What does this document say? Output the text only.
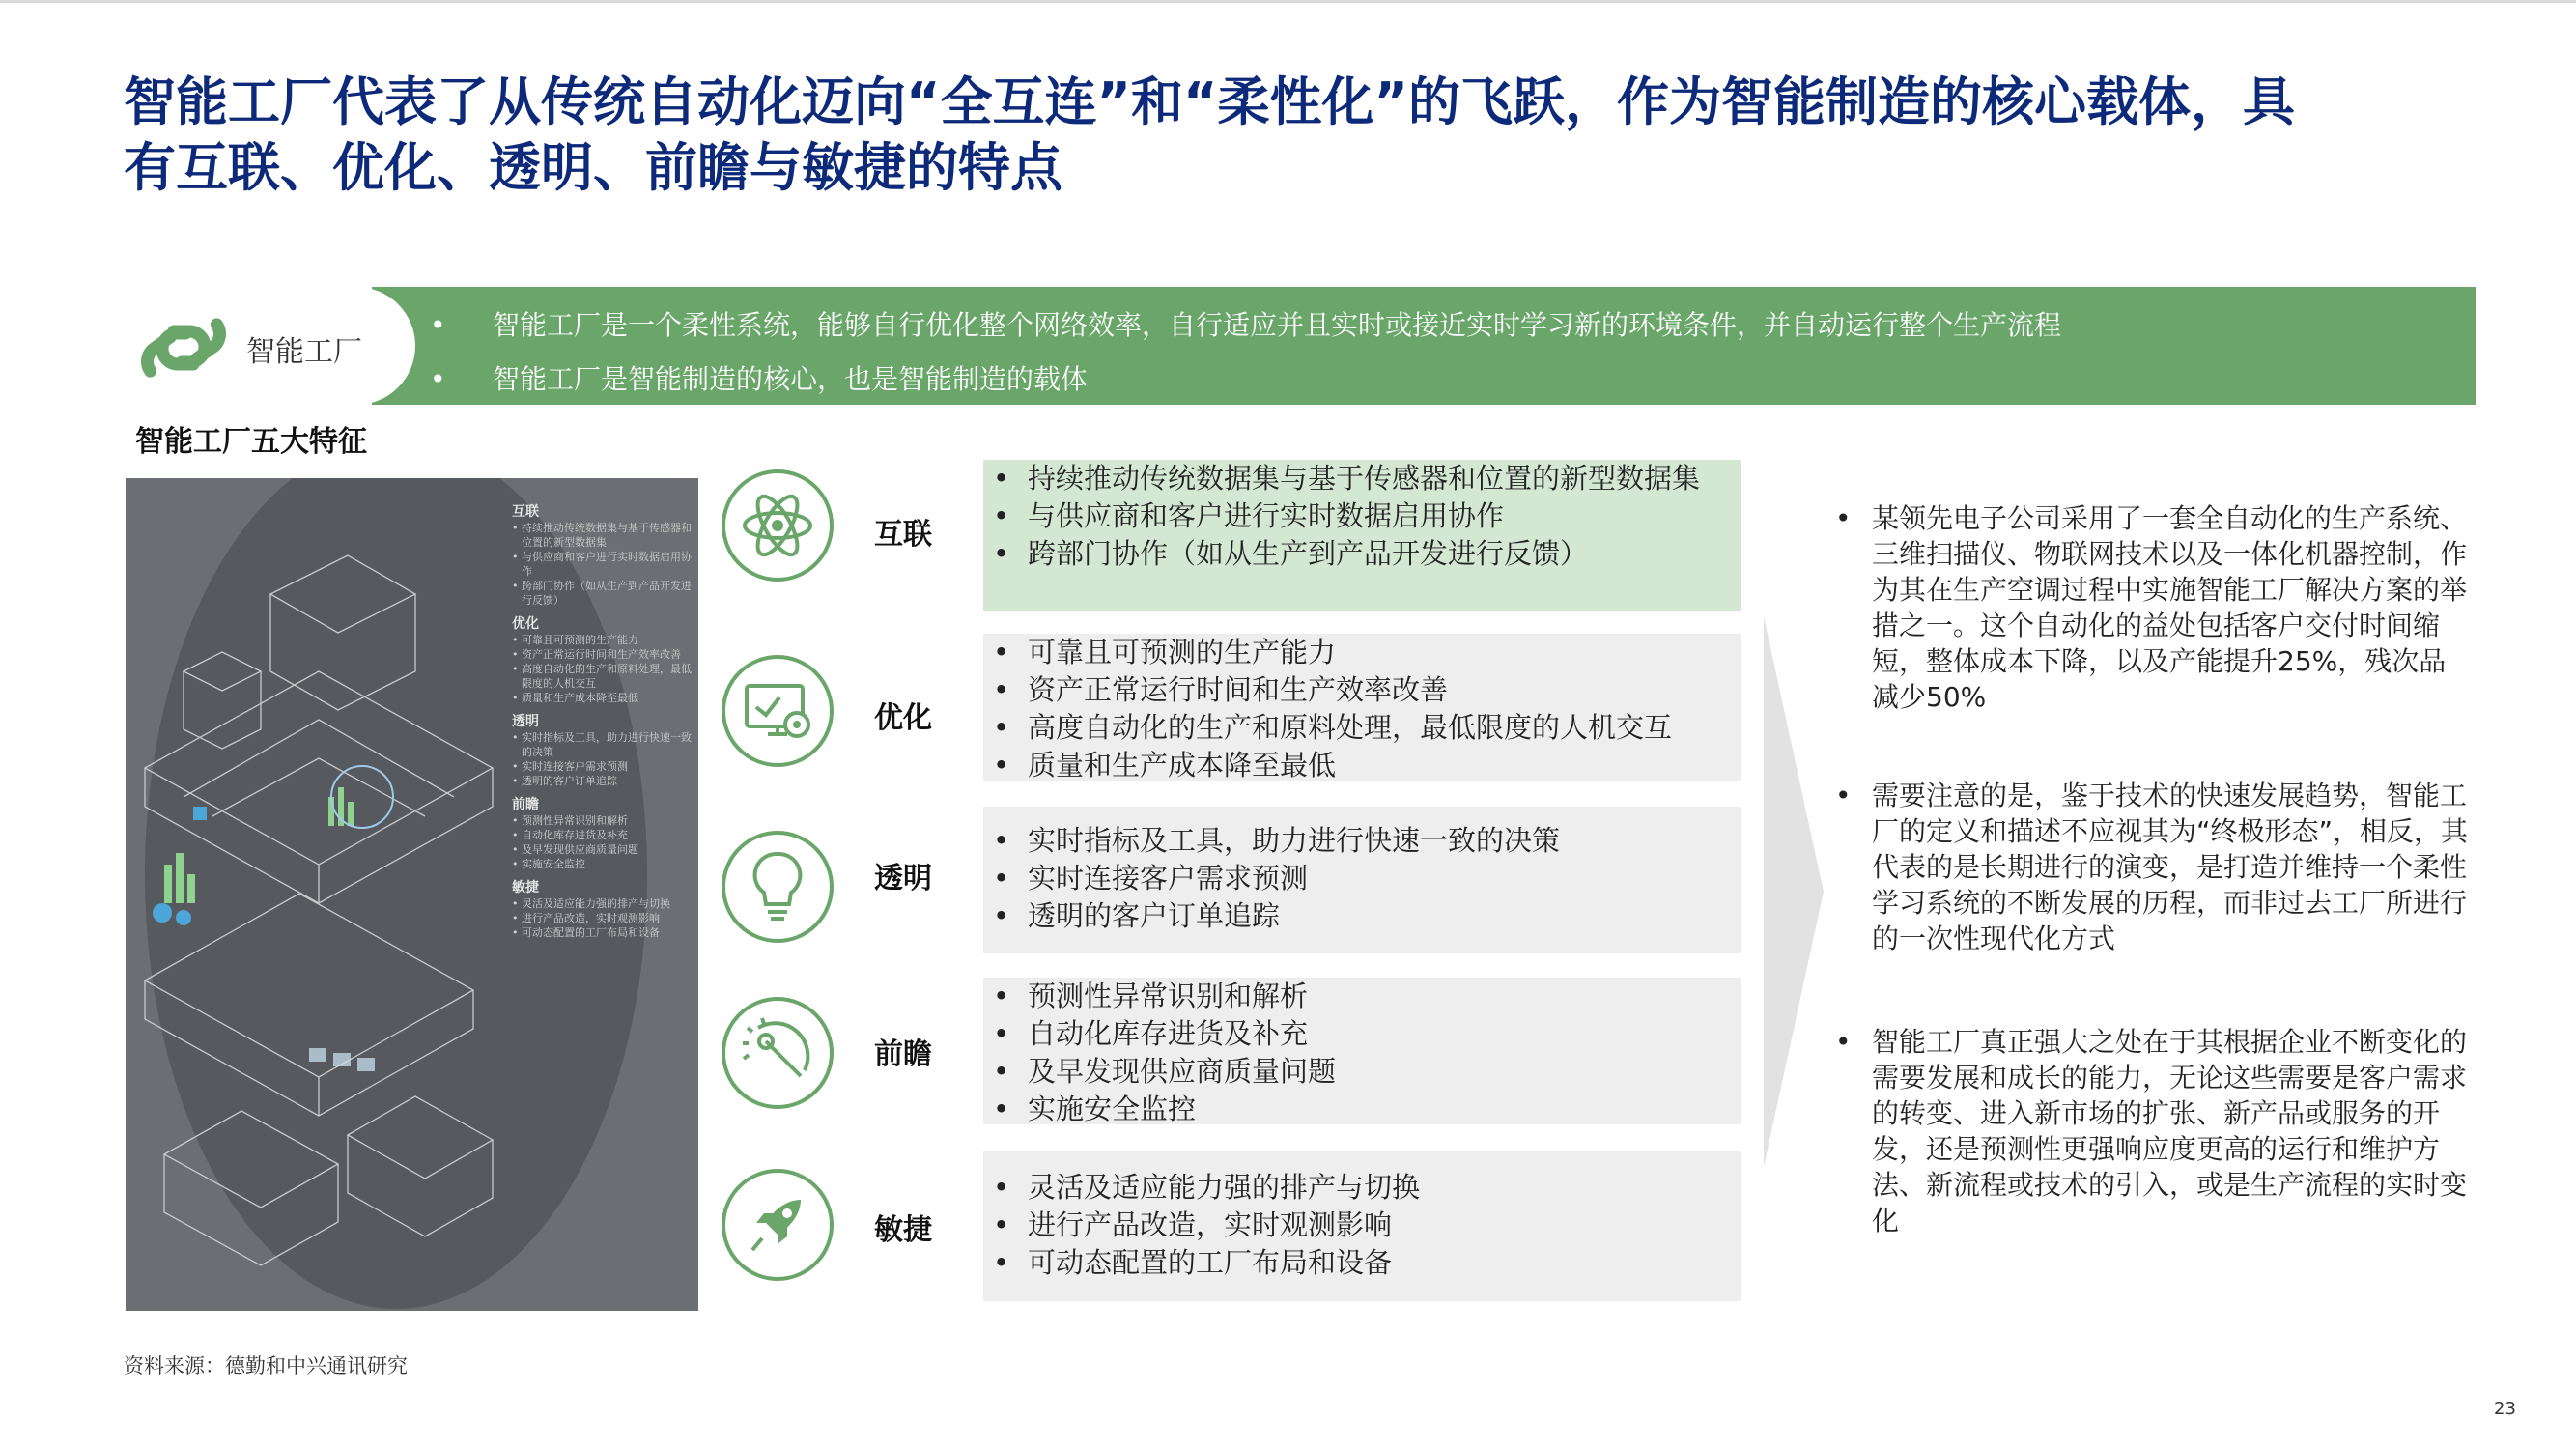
智能工厂代表了从传统自动化迈向“全互连”和“柔性化”的飞跃，作为智能制造的核心载体，具
有互联、优化、透明、前瞻与敏捷的特点
• 智能工厂是一个柔性系统，能够自行优化整个网络效率，自行适应并且实时或接近实时学习新的环境条件，并自动运行整个生产流程
• 智能工厂是智能制造的核心，也是智能制造的载体
智能工厂
智能工厂五大特征
互联
• 持续推动传统数据集与基于传感器和位置的新型数据集
• 与供应商和客户进行实时数据启用协作
• 跨部门协作（如从生产到产品开发进行反馈）
优化
• 可靠且可预测的生产能力
• 资产正常运行时间和生产效率改善
• 高度自动化的生产和原料处理，最低限度的人机交互
• 质量和生产成本降至最低
透明
• 实时指标及工具，助力进行快速一致的决策
• 实时连接客户需求预测
• 透明的客户订单追踪
前瞻
• 预测性异常识别和解析
• 自动化库存进货及补充
• 及早发现供应商质量问题
• 实施安全监控
敏捷
• 灵活及适应能力强的排产与切换
• 进行产品改造，实时观测影响
• 可动态配置的工厂布局和设备
互联
• 持续推动传统数据集与基于传感器和位置的新型数据集
• 与供应商和客户进行实时数据启用协作
• 跨部门协作（如从生产到产品开发进行反馈）
优化
• 可靠且可预测的生产能力
• 资产正常运行时间和生产效率改善
• 高度自动化的生产和原料处理，最低限度的人机交互
• 质量和生产成本降至最低
透明
• 实时指标及工具，助力进行快速一致的决策
• 实时连接客户需求预测
• 透明的客户订单追踪
前瞻
• 预测性异常识别和解析
• 自动化库存进货及补充
• 及早发现供应商质量问题
• 实施安全监控
敏捷
• 灵活及适应能力强的排产与切换
• 进行产品改造，实时观测影响
• 可动态配置的工厂布局和设备
• 某领先电子公司采用了一套全自动化的生产系统、三维扫描仪、物联网技术以及一体化机器控制，作为其在生产空调过程中实施智能工厂解决方案的举措之一。这个自动化的益处包括客户交付时间缩短，整体成本下降，以及产能提升25%，残次品减少50%
• 需要注意的是，鉴于技术的快速发展趋势，智能工厂的定义和描述不应视其为“终极形态”，相反，其代表的是长期进行的演变，是打造并维持一个柔性学习系统的不断发展的历程，而非过去工厂所进行的一次性现代化方式
• 智能工厂真正强大之处在于其根据企业不断变化的需要发展和成长的能力，无论这些需要是客户需求的转变、进入新市场的扩张、新产品或服务的开发，还是预测性更强响应度更高的运行和维护方法、新流程或技术的引入，或是生产流程的实时变化
资料来源：德勤和中兴通讯研究
23
